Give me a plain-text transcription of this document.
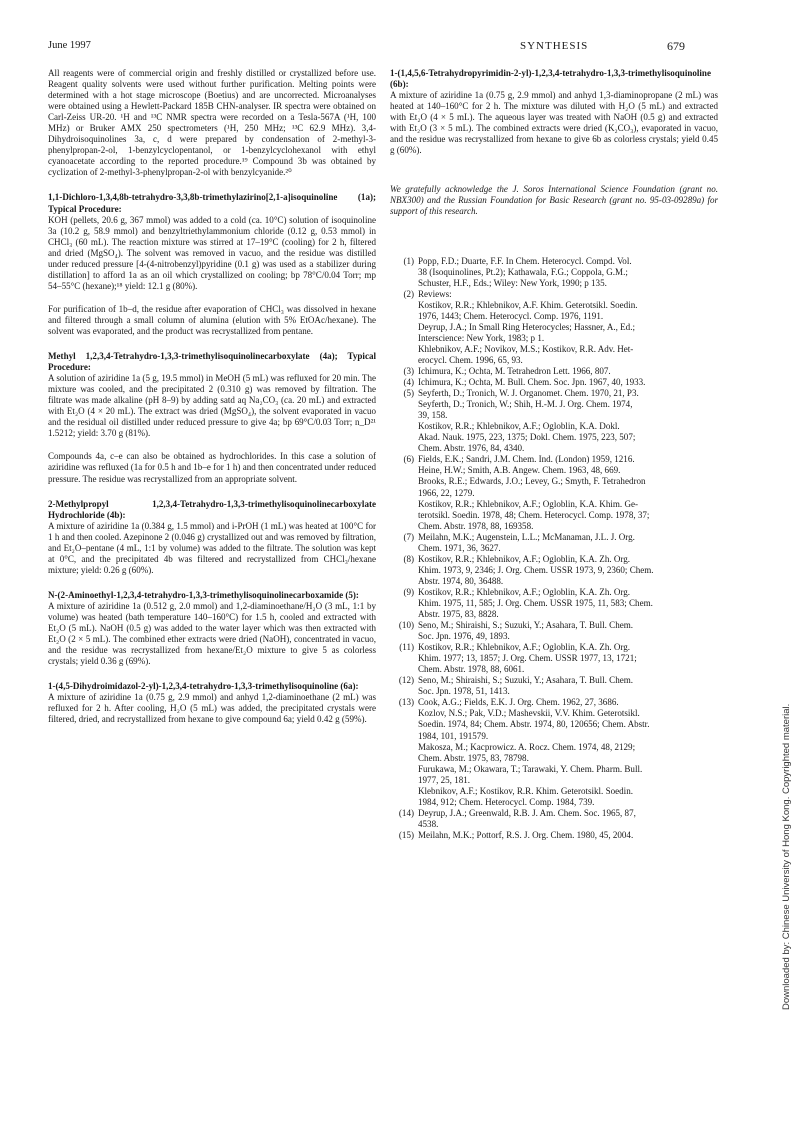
June 1997	SYNTHESIS	679

All reagents were of commercial origin and freshly distilled or crystallized before use. Reagent quality solvents were used without further purification. Melting points were determined with a hot stage microscope (Boetius) and are uncorrected. Microanalyses were obtained using a Hewlett-Packard 185B CHN-analyser. IR spectra were obtained on Carl-Zeiss UR-20. ¹H and ¹³C NMR spectra were recorded on a Tesla-567A (¹H, 100 MHz) or Bruker AMX 250 spectrometers (¹H, 250 MHz; ¹³C 62.9 MHz). 3,4-Dihydroisoquinolines 3a, c, d were prepared by condensation of 2-methyl-3-phenylpropan-2-ol, 1-benzylcyclopentanol, or 1-benzylcyclohexanol with ethyl cyanoacetate according to the reported procedure.¹⁹ Compound 3b was obtained by cyclization of 2-methyl-3-phenylpropan-2-ol with benzylcyanide.²⁰

1,1-Dichloro-1,3,4,8b-tetrahydro-3,3,8b-trimethylazirino[2,1-a]isoquinoline (1a); Typical Procedure:

KOH (pellets, 20.6 g, 367 mmol) was added to a cold (ca. 10°C) solution of isoquinoline 3a (10.2 g, 58.9 mmol) and benzyltriethylammonium chloride (0.12 g, 0.53 mmol) in CHCl₃ (60 mL). The reaction mixture was stirred at 17–19°C (cooling) for 2 h, filtered and dried (MgSO₄). The solvent was removed in vacuo, and the residue was distilled under reduced pressure [4-(4-nitrobenzyl)pyridine (0.1 g) was used as a stabilizer during distillation] to afford 1a as an oil which crystallized on cooling; bp 78°C/0.04 Torr; mp 54–55°C (hexane);¹⁸ yield: 12.1 g (80%).

For purification of 1b–d, the residue after evaporation of CHCl₃ was dissolved in hexane and filtered through a small column of alumina (elution with 5% EtOAc/hexane). The solvent was evaporated, and the product was recrystallized from pentane.

Methyl 1,2,3,4-Tetrahydro-1,3,3-trimethylisoquinolinecarboxylate (4a); Typical Procedure:

A solution of aziridine 1a (5 g, 19.5 mmol) in MeOH (5 mL) was refluxed for 20 min. The mixture was cooled, and the precipitated 2 (0.310 g) was removed by filtration. The filtrate was made alkaline (pH 8–9) by adding satd aq Na₂CO₃ (ca. 20 mL) and extracted with Et₂O (4 × 20 mL). The extract was dried (MgSO₄), the solvent evaporated in vacuo and the residual oil distilled under reduced pressure to give 4a; bp 69°C/0.03 Torr; n_D²¹ 1.5212; yield: 3.70 g (81%).

Compounds 4a, c–e can also be obtained as hydrochlorides. In this case a solution of aziridine was refluxed (1a for 0.5 h and 1b–e for 1 h) and then concentrated under reduced pressure. The residue was recrystallized from an appropriate solvent.

2-Methylpropyl 1,2,3,4-Tetrahydro-1,3,3-trimethylisoquinolinecarboxylate Hydrochloride (4b):

A mixture of aziridine 1a (0.384 g, 1.5 mmol) and i-PrOH (1 mL) was heated at 100°C for 1 h and then cooled. Azepinone 2 (0.046 g) crystallized out and was removed by filtration, and Et₂O–pentane (4 mL, 1:1 by volume) was added to the filtrate. The solution was kept at 0°C, and the precipitated 4b was filtered and recrystallized from CHCl₃/hexane mixture; yield: 0.26 g (60%).

N-(2-Aminoethyl-1,2,3,4-tetrahydro-1,3,3-trimethylisoquinolinecarboxamide (5):

A mixture of aziridine 1a (0.512 g, 2.0 mmol) and 1,2-diaminoethane/H₂O (3 mL, 1:1 by volume) was heated (bath temperature 140–160°C) for 1.5 h, cooled and extracted with Et₂O (5 mL). NaOH (0.5 g) was added to the water layer which was then extracted with Et₂O (2 × 5 mL). The combined ether extracts were dried (NaOH), concentrated in vacuo, and the residue was recrystallized from hexane/Et₂O mixture to give 5 as colorless crystals; yield 0.36 g (69%).

1-(4,5-Dihydroimidazol-2-yl)-1,2,3,4-tetrahydro-1,3,3-trimethylisoquinoline (6a):

A mixture of aziridine 1a (0.75 g, 2.9 mmol) and anhyd 1,2-diaminoethane (2 mL) was refluxed for 2 h. After cooling, H₂O (5 mL) was added, the precipitated crystals were filtered, dried, and recrystallized from hexane to give compound 6a; yield 0.42 g (59%).

1-(1,4,5,6-Tetrahydropyrimidin-2-yl)-1,2,3,4-tetrahydro-1,3,3-trimethylisoquinoline (6b):

A mixture of aziridine 1a (0.75 g, 2.9 mmol) and anhyd 1,3-diaminopropane (2 mL) was heated at 140–160°C for 2 h. The mixture was diluted with H₂O (5 mL) and extracted with Et₂O (4 × 5 mL). The aqueous layer was treated with NaOH (0.5 g) and extracted with Et₂O (3 × 5 mL). The combined extracts were dried (K₂CO₃), evaporated in vacuo, and the residue was recrystallized from hexane to give 6b as colorless crystals; yield 0.45 g (60%).

We gratefully acknowledge the J. Soros International Science Foundation (grant no. NBX300) and the Russian Foundation for Basic Research (grant no. 95-03-09289a) for support of this research.

(1) Popp, F.D.; Duarte, F.F. In Chem. Heterocycl. Compd. Vol.
38 (Isoquinolines, Pt.2); Kathawala, F.G.; Coppola, G.M.;
Schuster, H.F., Eds.; Wiley: New York, 1990; p 135.
(2) Reviews:
Kostikov, R.R.; Khlebnikov, A.F. Khim. Geterotsikl. Soedin.
1976, 1443; Chem. Heterocycl. Comp. 1976, 1191.
Deyrup, J.A.; In Small Ring Heterocycles; Hassner, A., Ed.;
Interscience: New York, 1983; p 1.
Khlebnikov, A.F.; Novikov, M.S.; Kostikov, R.R. Adv. Het-
erocycl. Chem. 1996, 65, 93.
(3) Ichimura, K.; Ochta, M. Tetrahedron Lett. 1966, 807.
(4) Ichimura, K.; Ochta, M. Bull. Chem. Soc. Jpn. 1967, 40, 1933.
(5) Seyferth, D.; Tronich, W. J. Organomet. Chem. 1970, 21, P3.
Seyferth, D.; Tronich, W.; Shih, H.-M. J. Org. Chem. 1974,
39, 158.
Kostikov, R.R.; Khlebnikov, A.F.; Ogloblin, K.A. Dokl.
Akad. Nauk. 1975, 223, 1375; Dokl. Chem. 1975, 223, 507;
Chem. Abstr. 1976, 84, 4340.
(6) Fields, E.K.; Sandri, J.M. Chem. Ind. (London) 1959, 1216.
Heine, H.W.; Smith, A.B. Angew. Chem. 1963, 48, 669.
Brooks, R.E.; Edwards, J.O.; Levey, G.; Smyth, F. Tetrahedron
1966, 22, 1279.
Kostikov, R.R.; Khlebnikov, A.F.; Ogloblin, K.A. Khim. Ge-
terotsikl. Soedin. 1978, 48; Chem. Heterocycl. Comp. 1978, 37;
Chem. Abstr. 1978, 88, 169358.
(7) Meilahn, M.K.; Augenstein, L.L.; McManaman, J.L. J. Org.
Chem. 1971, 36, 3627.
(8) Kostikov, R.R.; Khlebnikov, A.F.; Ogloblin, K.A. Zh. Org.
Khim. 1973, 9, 2346; J. Org. Chem. USSR 1973, 9, 2360; Chem.
Abstr. 1974, 80, 36488.
(9) Kostikov, R.R.; Khlebnikov, A.F.; Ogloblin, K.A. Zh. Org.
Khim. 1975, 11, 585; J. Org. Chem. USSR 1975, 11, 583; Chem.
Abstr. 1975, 83, 8828.
(10) Seno, M.; Shiraishi, S.; Suzuki, Y.; Asahara, T. Bull. Chem.
Soc. Jpn. 1976, 49, 1893.
(11) Kostikov, R.R.; Khlebnikov, A.F.; Ogloblin, K.A. Zh. Org.
Khim. 1977; 13, 1857; J. Org. Chem. USSR 1977, 13, 1721;
Chem. Abstr. 1978, 88, 6061.
(12) Seno, M.; Shiraishi, S.; Suzuki, Y.; Asahara, T. Bull. Chem.
Soc. Jpn. 1978, 51, 1413.
(13) Cook, A.G.; Fields, E.K. J. Org. Chem. 1962, 27, 3686.
Kozlov, N.S.; Pak, V.D.; Mashevskii, V.V. Khim. Geterotsikl.
Soedin. 1974, 84; Chem. Abstr. 1974, 80, 120656; Chem. Abstr.
1984, 101, 191579.
Makosza, M.; Kacprowicz. A. Rocz. Chem. 1974, 48, 2129;
Chem. Abstr. 1975, 83, 78798.
Furukawa, M.; Okawara, T.; Tarawaki, Y. Chem. Pharm. Bull.
1977, 25, 181.
Klebnikov, A.F.; Kostikov, R.R. Khim. Geterotsikl. Soedin.
1984, 912; Chem. Heterocycl. Comp. 1984, 739.
(14) Deyrup, J.A.; Greenwald, R.B. J. Am. Chem. Soc. 1965, 87,
4538.
(15) Meilahn, M.K.; Pottorf, R.S. J. Org. Chem. 1980, 45, 2004.	Downloaded by: Chinese University of Hong Kong. Copyrighted material.
